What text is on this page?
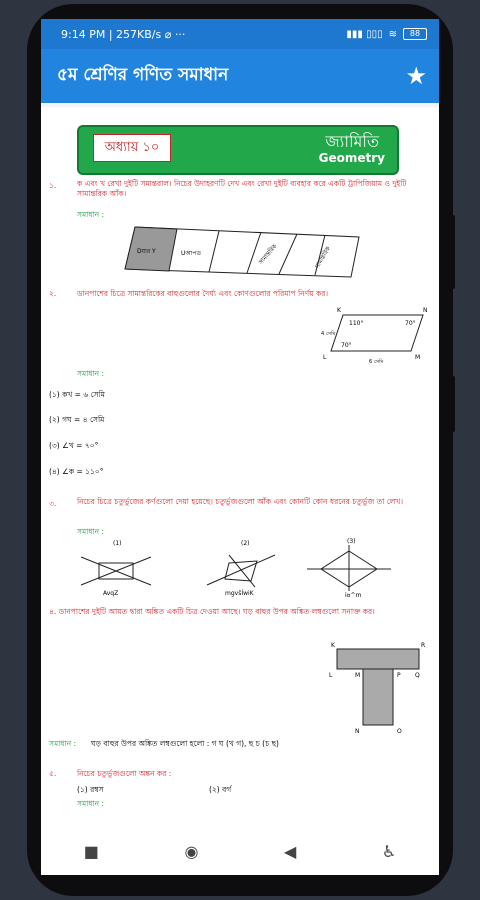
9:14 PM | 257KB/s ⌀ ···	▮▮▮ ▯▯▯ ≋	88
৫ম শ্রেণির গণিত সমাধান	★
অধ্যায় ১০	জ্যামিতি
Geometry
১.	ক এবং খ রেখা দুইটি সমান্তরাল। নিচের উদাহরণটি দেখ এবং রেখা দুইটি ব্যবহার করে একটি ট্রাপিজিয়াম ও দুইটি সামান্তরিক আঁক।
সমাধান :
Dযার Y	Uআপড	সামান্তরিক	সামান্তরিক
২.	ডানপাশের চিত্রে সামান্তরিকের বাহুগুলোর দৈর্ঘ্য এবং কোণগুলোর পরিমাপ নির্ণয় কর।
K	N
L	M
110°	70°
70°
4 সেমি
6 সেমি
সমাধান :
(১) কখ = ৬ সেমি
(২) গঘ = ৪ সেমি
(৩) ∠খ = ৭০°
(৪) ∠ক = ১১০°
৩.	নিচের চিত্রে চতুর্ভুজের কর্ণগুলো দেয়া হয়েছে। চতুর্ভুজগুলো আঁক এবং কোনটি কোন ধরনের চতুর্ভুজ তা লেখ।
সমাধান :
(1)
AvqZ
(2)
mgvšÍwiK
(3)
i¤^m
৪. ডানপাশের দুইটি আয়ত দ্বারা অঙ্কিত একটি চিত্র দেওয়া আছে। ঘড় বাহুর উপর অঙ্কিত লম্বগুলো সনাক্ত কর।
K	R
L	M	P Q
N	O
সমাধান : ঘড় বাহুর উপর অঙ্কিত লম্বগুলো হলো : গ ঘ (খ গ), ছ চ (চ ছ)
৫.	নিচের চতুর্ভুজগুলো অঙ্কন কর :
(১) রম্বস	(২) বর্গ
সমাধান :
■	◉	◀	♿
